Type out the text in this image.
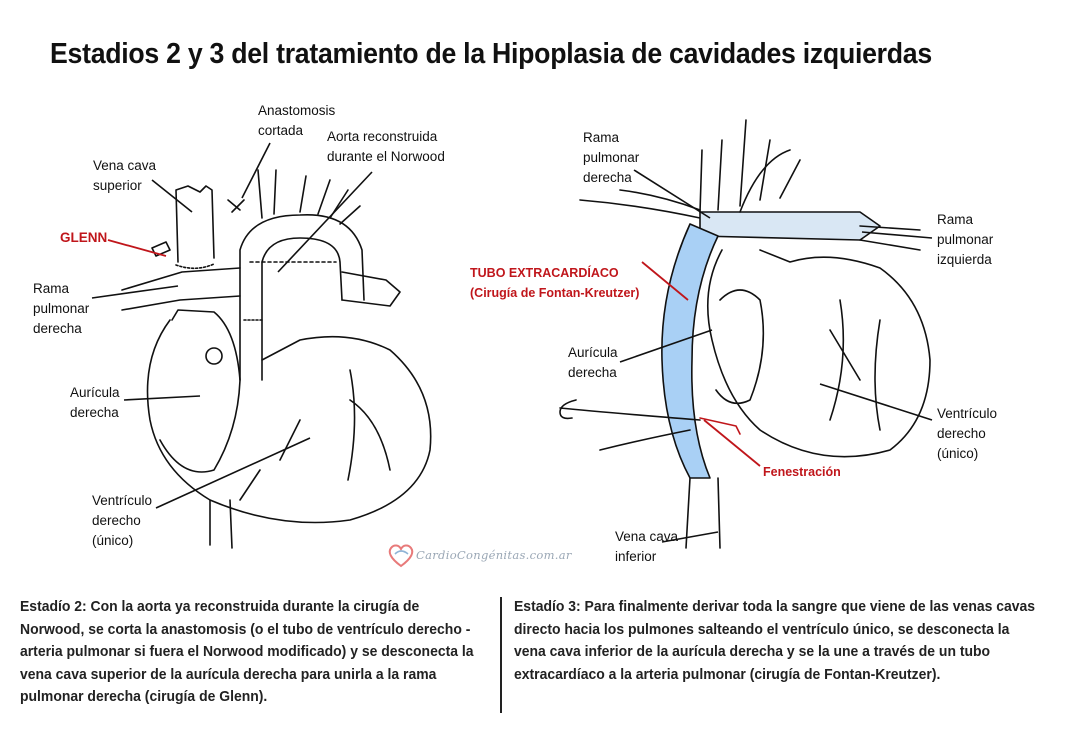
Estadios 2 y 3 del tratamiento de la Hipoplasia de cavidades izquierdas
Vena cava
superior
Anastomosis
cortada	Aorta reconstruida
durante el Norwood
GLENN
Rama
pulmonar
derecha
Aurícula
derecha
Ventrículo
derecho
(único)
Rama
pulmonar
derecha
Rama
pulmonar
izquierda
TUBO EXTRACARDÍACO
(Cirugía de Fontan-Kreutzer)
Aurícula
derecha
Ventrículo
derecho
(único)
Fenestración
Vena cava
inferior
CardioCongénitas.com.ar
Estadío 2: Con la aorta ya reconstruida durante la cirugía de Norwood, se corta la anastomosis (o el tubo de ventrículo derecho - arteria pulmonar si fuera el Norwood modificado) y se desconecta la vena cava superior de la aurícula derecha para unirla a la rama pulmonar derecha (cirugía de Glenn).
Estadío 3: Para finalmente derivar toda la sangre que viene de las venas cavas directo hacia los pulmones salteando el ventrículo único, se desconecta la vena cava inferior de la aurícula derecha y se la une a través de un tubo extracardíaco a la arteria pulmonar (cirugía de Fontan-Kreutzer).
